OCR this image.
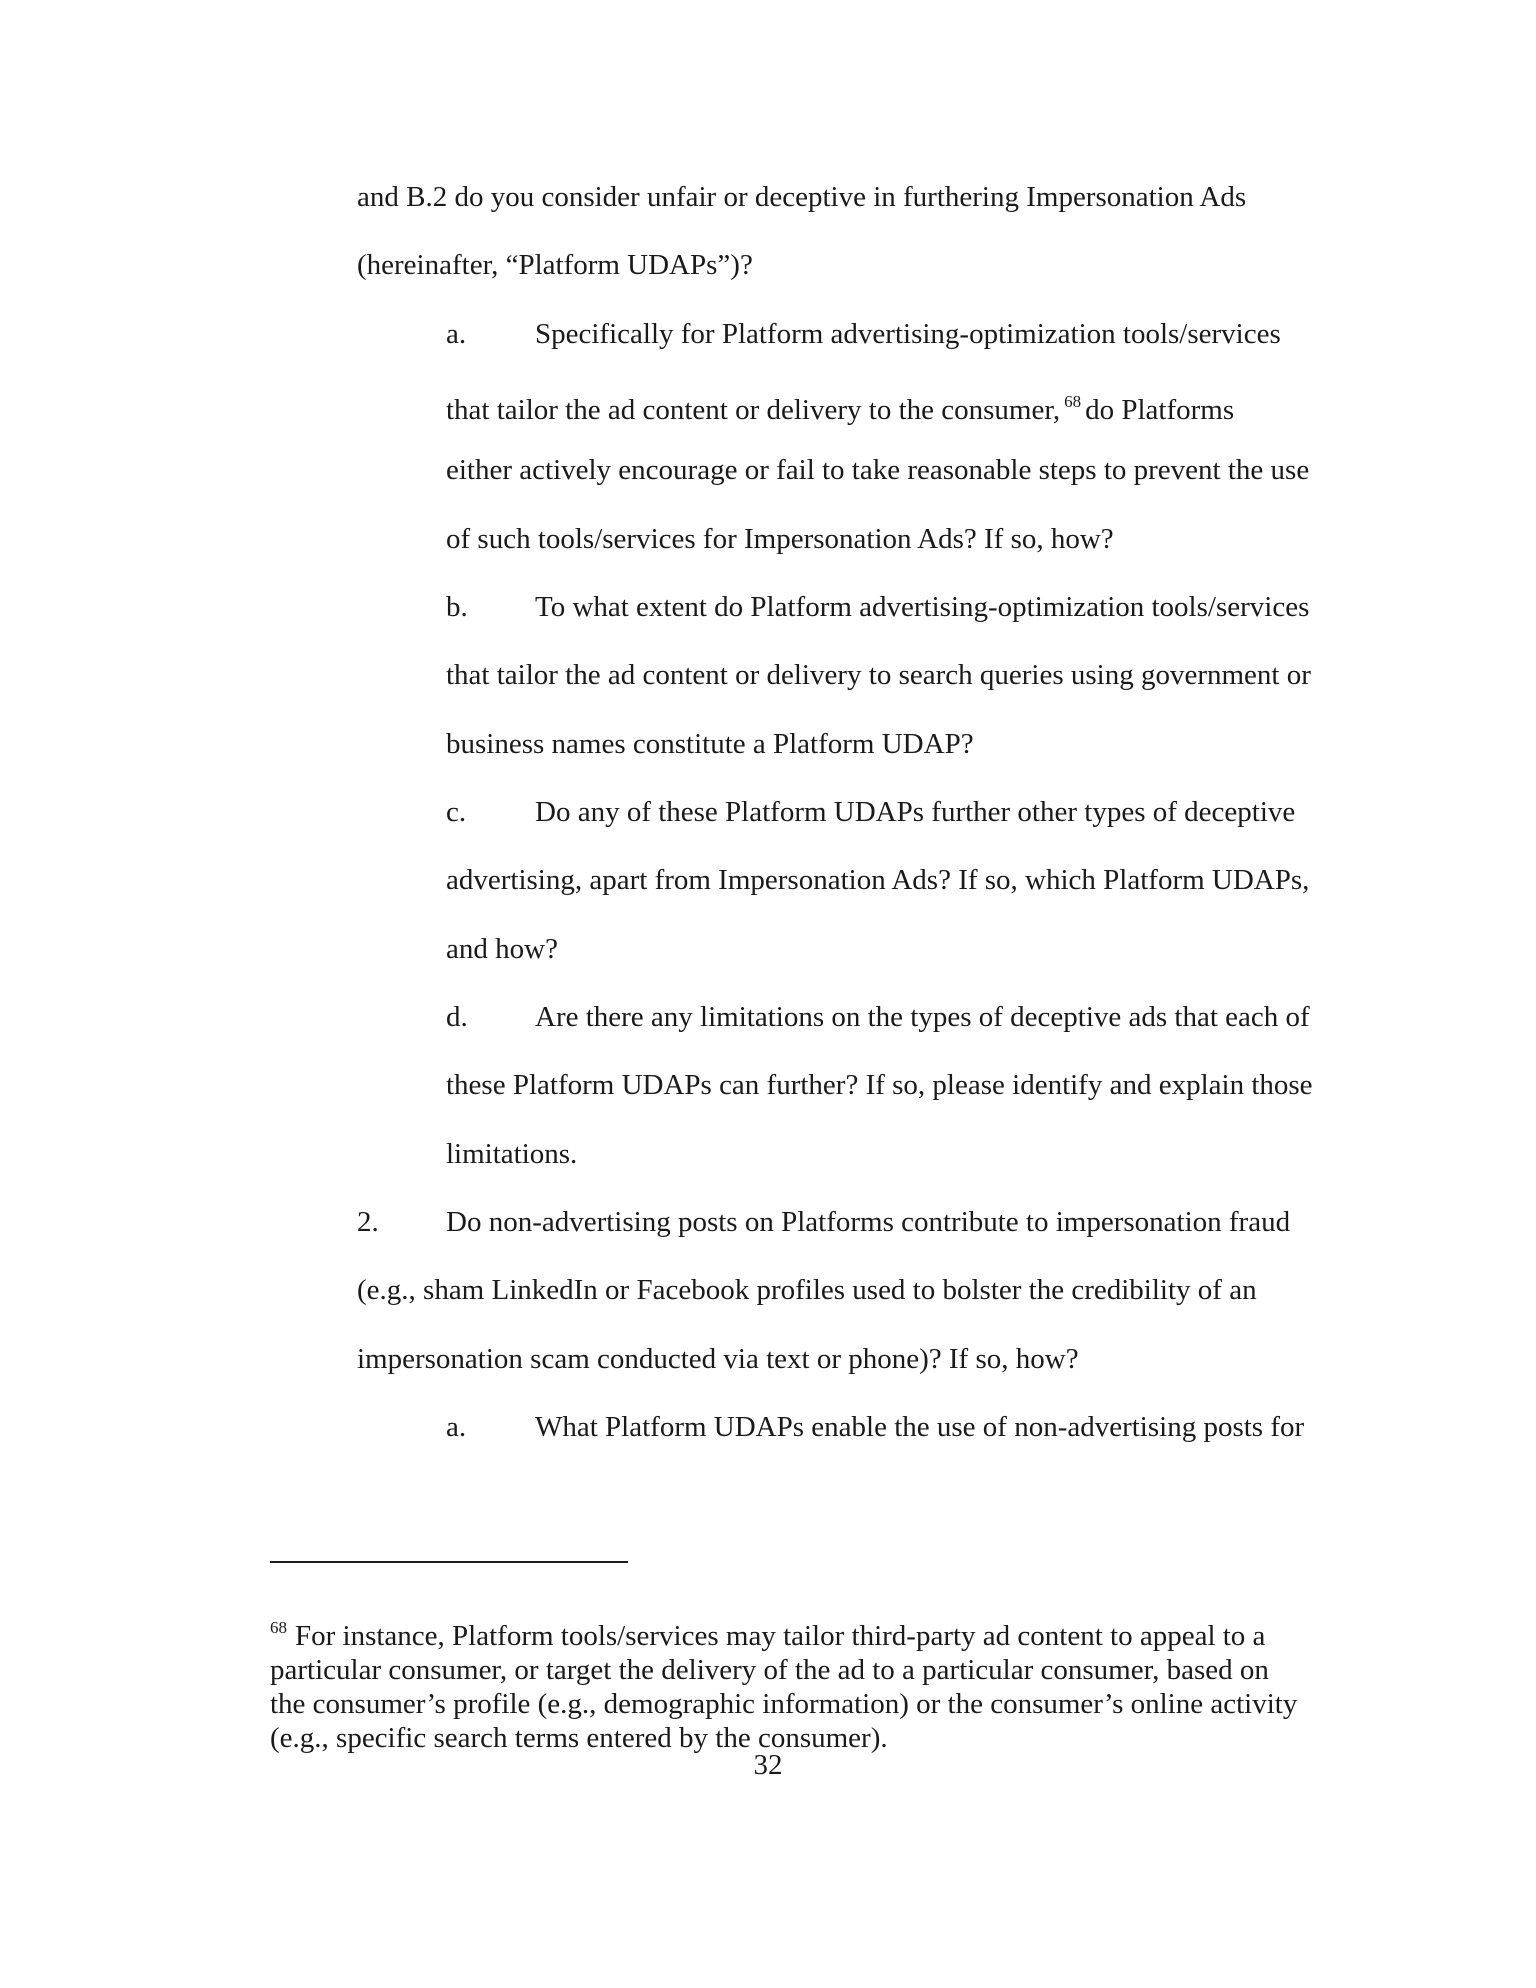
and B.2 do you consider unfair or deceptive in furthering Impersonation Ads
(hereinafter, “Platform UDAPs”)?
a. Specifically for Platform advertising-optimization tools/services
that tailor the ad content or delivery to the consumer, $^{68}$ do Platforms
either actively encourage or fail to take reasonable steps to prevent the use
of such tools/services for Impersonation Ads? If so, how?
b. To what extent do Platform advertising-optimization tools/services
that tailor the ad content or delivery to search queries using government or
business names constitute a Platform UDAP?
c. Do any of these Platform UDAPs further other types of deceptive
advertising, apart from Impersonation Ads? If so, which Platform UDAPs,
and how?
d. Are there any limitations on the types of deceptive ads that each of
these Platform UDAPs can further? If so, please identify and explain those
limitations.
2. Do non-advertising posts on Platforms contribute to impersonation fraud
(e.g., sham LinkedIn or Facebook profiles used to bolster the credibility of an
impersonation scam conducted via text or phone)? If so, how?
a. What Platform UDAPs enable the use of non-advertising posts for
$^{68}$ For instance, Platform tools/services may tailor third-party ad content to appeal to a
particular consumer, or target the delivery of the ad to a particular consumer, based on
the consumer’s profile (e.g., demographic information) or the consumer’s online activity
(e.g., specific search terms entered by the consumer).
32
